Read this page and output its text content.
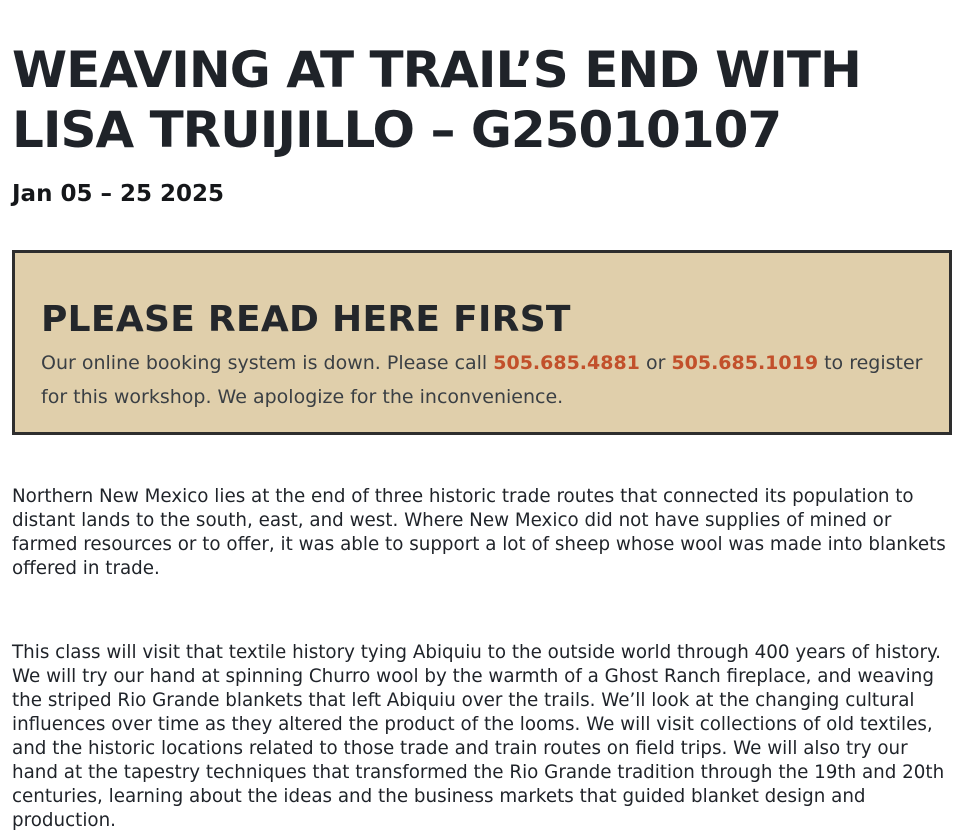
WEAVING AT TRAIL’S END WITH LISA TRUIJILLO – G25010107
Jan 05 – 25 2025
PLEASE READ HERE FIRST

Our online booking system is down. Please call 505.685.4881 or 505.685.1019 to register for this workshop. We apologize for the inconvenience.

Northern New Mexico lies at the end of three historic trade routes that connected its population to distant lands to the south, east, and west. Where New Mexico did not have supplies of mined or farmed resources or to offer, it was able to support a lot of sheep whose wool was made into blankets offered in trade.

This class will visit that textile history tying Abiquiu to the outside world through 400 years of history. We will try our hand at spinning Churro wool by the warmth of a Ghost Ranch fireplace, and weaving the striped Rio Grande blankets that left Abiquiu over the trails. We’ll look at the changing cultural influences over time as they altered the product of the looms. We will visit collections of old textiles, and the historic locations related to those trade and train routes on field trips. We will also try our hand at the tapestry techniques that transformed the Rio Grande tradition through the 19th and 20th centuries, learning about the ideas and the business markets that guided blanket design and production.
